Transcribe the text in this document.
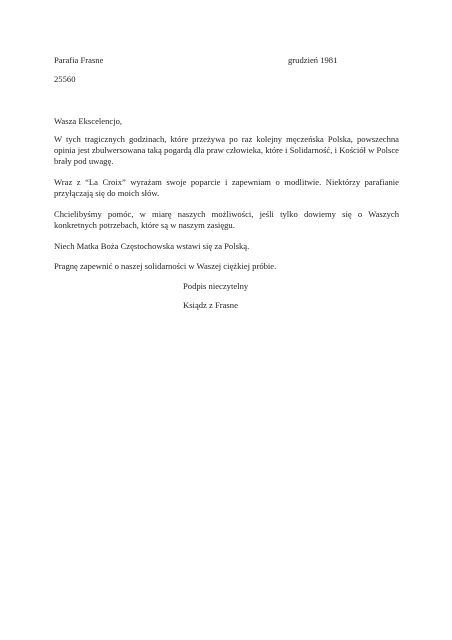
Parafia Frasne	grudzień 1981
25560
Wasza Ekscelencjo,
W tych tragicznych godzinach, które przeżywa po raz kolejny męczeńska Polska, powszechna opinia jest zbulwersowana taką pogardą dla praw człowieka, które i Solidarność, i Kościół w Polsce brały pod uwagę.
Wraz z “La Croix” wyrażam swoje poparcie i zapewniam o modlitwie. Niektórzy parafianie przyłączają się do moich słów.
Chcielibyśmy pomóc, w miarę naszych możliwości, jeśli tylko dowiemy się o Waszych konkretnych potrzebach, które są w naszym zasięgu.
Niech Matka Boża Częstochowska wstawi się za Polską.
Pragnę zapewnić o naszej solidarności w Waszej ciężkiej próbie.
Podpis nieczytelny
Ksiądz z Frasne
